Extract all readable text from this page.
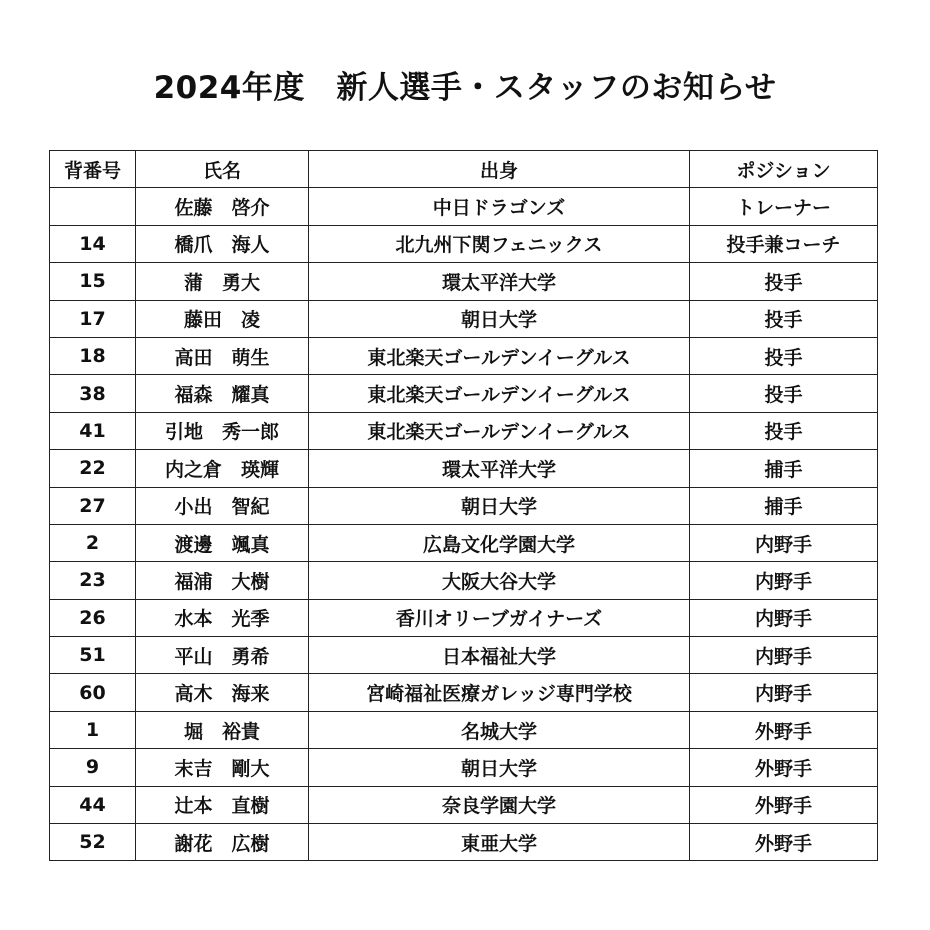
2024年度　新人選手・スタッフのお知らせ
背番号	氏名	出身	ポジション
	佐藤　啓介	中日ドラゴンズ	トレーナー
14	橋爪　海人	北九州下関フェニックス	投手兼コーチ
15	蒲　勇大	環太平洋大学	投手
17	藤田　凌	朝日大学	投手
18	高田　萌生	東北楽天ゴールデンイーグルス	投手
38	福森　耀真	東北楽天ゴールデンイーグルス	投手
41	引地　秀一郎	東北楽天ゴールデンイーグルス	投手
22	内之倉　瑛輝	環太平洋大学	捕手
27	小出　智紀	朝日大学	捕手
2	渡邊　颯真	広島文化学園大学	内野手
23	福浦　大樹	大阪大谷大学	内野手
26	水本　光季	香川オリーブガイナーズ	内野手
51	平山　勇希	日本福祉大学	内野手
60	高木　海来	宮崎福祉医療ガレッジ専門学校	内野手
1	堀　裕貴	名城大学	外野手
9	末吉　剛大	朝日大学	外野手
44	辻本　直樹	奈良学園大学	外野手
52	謝花　広樹	東亜大学	外野手
